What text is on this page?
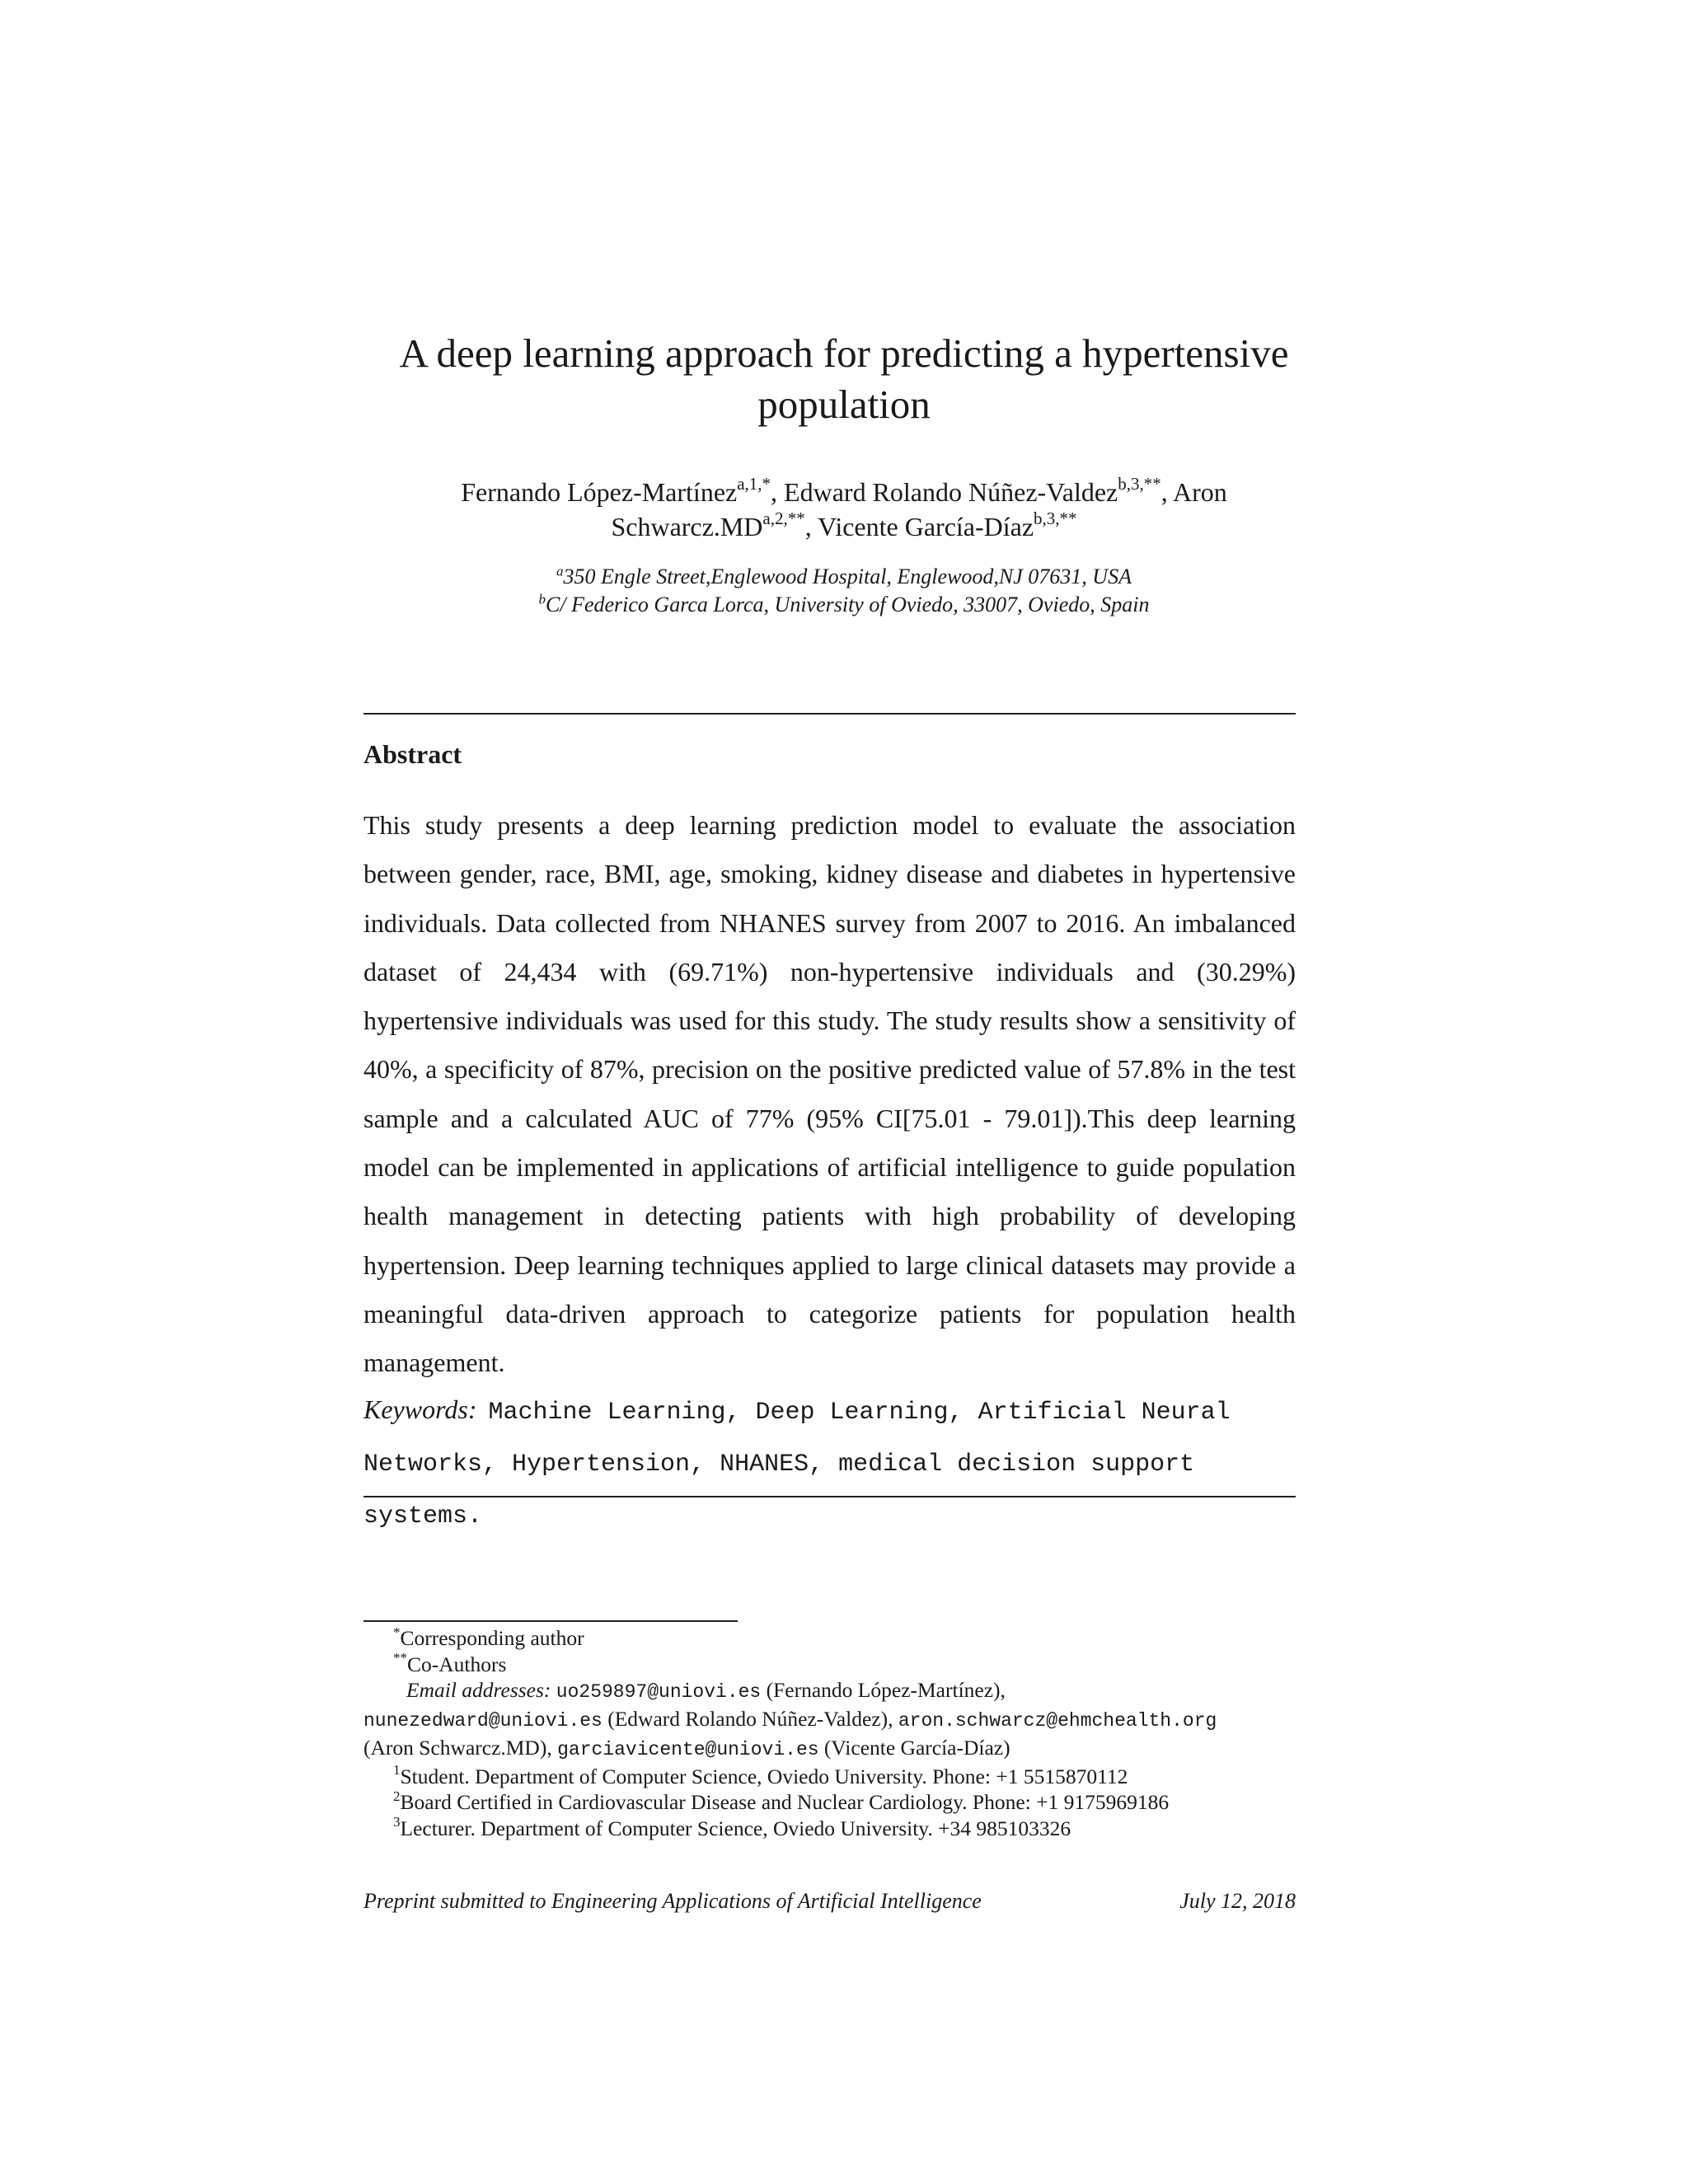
A deep learning approach for predicting a hypertensive population
Fernando López-Martínez$^{a,1,*}$, Edward Rolando Núñez-Valdez$^{b,3,**}$, Aron $Schwarcz.MD^{a,2,**}$, Vicente García-Díaz$^{b,3,**}$
$^a$350 Engle Street,Englewood Hospital, Englewood,NJ 07631, USA
$^b$C/ Federico Garca Lorca, University of Oviedo, 33007, Oviedo, Spain
Abstract
This study presents a deep learning prediction model to evaluate the association between gender, race, BMI, age, smoking, kidney disease and diabetes in hypertensive individuals. Data collected from NHANES survey from 2007 to 2016. An imbalanced dataset of 24,434 with (69.71%) non-hypertensive individuals and (30.29%) hypertensive individuals was used for this study. The study results show a sensitivity of 40%, a specificity of 87%, precision on the positive predicted value of 57.8% in the test sample and a calculated AUC of 77% (95% CI[75.01 - 79.01]).This deep learning model can be implemented in applications of artificial intelligence to guide population health management in detecting patients with high probability of developing hypertension. Deep learning techniques applied to large clinical datasets may provide a meaningful data-driven approach to categorize patients for population health management.
Keywords: Machine Learning, Deep Learning, Artificial Neural Networks, Hypertension, NHANES, medical decision support systems.
*Corresponding author
**Co-Authors
Email addresses: uo259897@uniovi.es (Fernando López-Martínez),
nunezedward@uniovi.es (Edward Rolando Núñez-Valdez), aron.schwarcz@ehmchealth.org
(Aron Schwarcz.MD), garciavicente@uniovi.es (Vicente García-Díaz)
$^1$Student. Department of Computer Science, Oviedo University. Phone: +1 5515870112
$^2$Board Certified in Cardiovascular Disease and Nuclear Cardiology. Phone: +1 9175969186
$^3$Lecturer. Department of Computer Science, Oviedo University. +34 985103326
Preprint submitted to Engineering Applications of Artificial Intelligence	July 12, 2018
